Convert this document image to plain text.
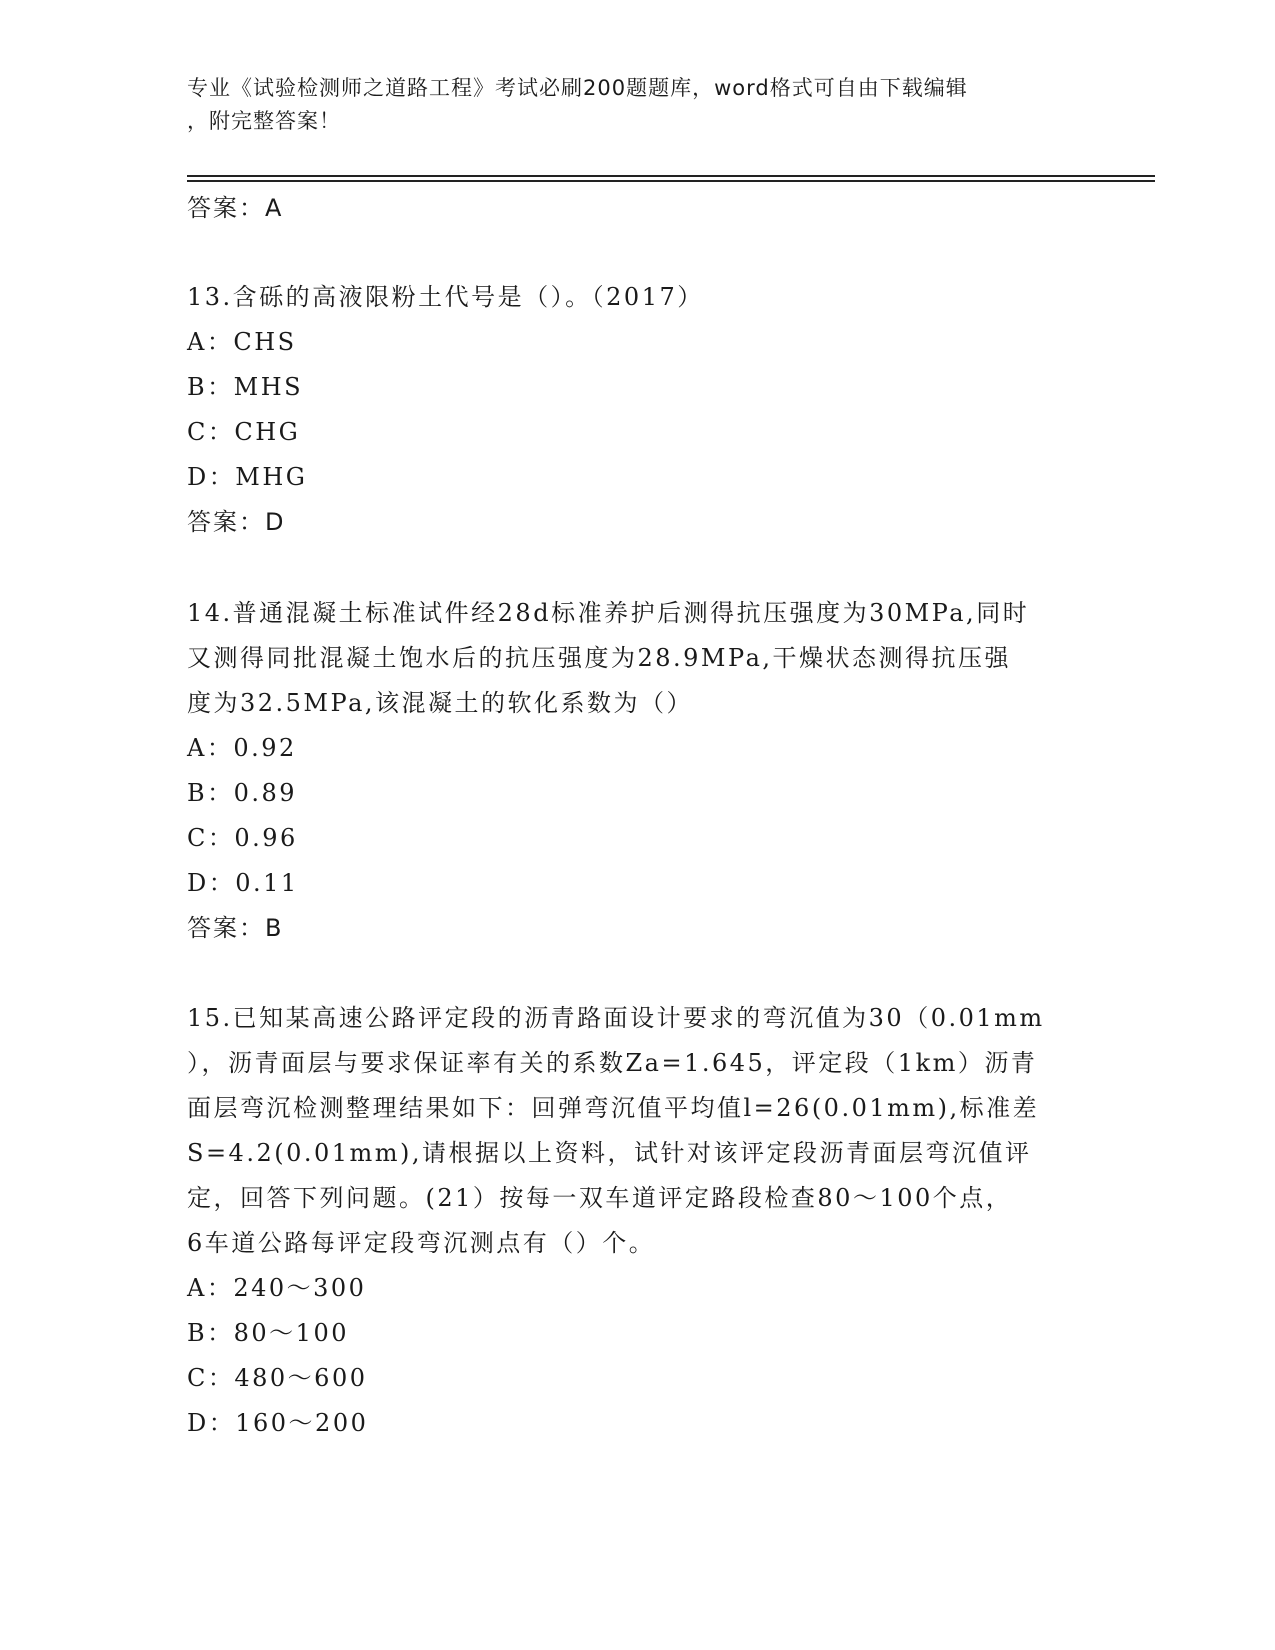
专业《试验检测师之道路工程》考试必刷200题题库，word格式可自由下载编辑
，附完整答案！
答案：A
13.含砾的高液限粉土代号是（）。（2017）
A：CHS
B：MHS
C：CHG
D：MHG
答案：D
14.普通混凝土标准试件经28d标准养护后测得抗压强度为30MPa,同时
又测得同批混凝土饱水后的抗压强度为28.9MPa,干燥状态测得抗压强
度为32.5MPa,该混凝土的软化系数为（）
A：0.92
B：0.89
C：0.96
D：0.11
答案：B
15.已知某高速公路评定段的沥青路面设计要求的弯沉值为30（0.01mm
），沥青面层与要求保证率有关的系数Za=1.645，评定段（1km）沥青
面层弯沉检测整理结果如下：回弹弯沉值平均值l=26(0.01mm),标准差
S=4.2(0.01mm),请根据以上资料，试针对该评定段沥青面层弯沉值评
定，回答下列问题。(21）按每一双车道评定路段检查80～100个点，
6车道公路每评定段弯沉测点有（）个。
A：240～300
B：80～100
C：480～600
D：160～200
